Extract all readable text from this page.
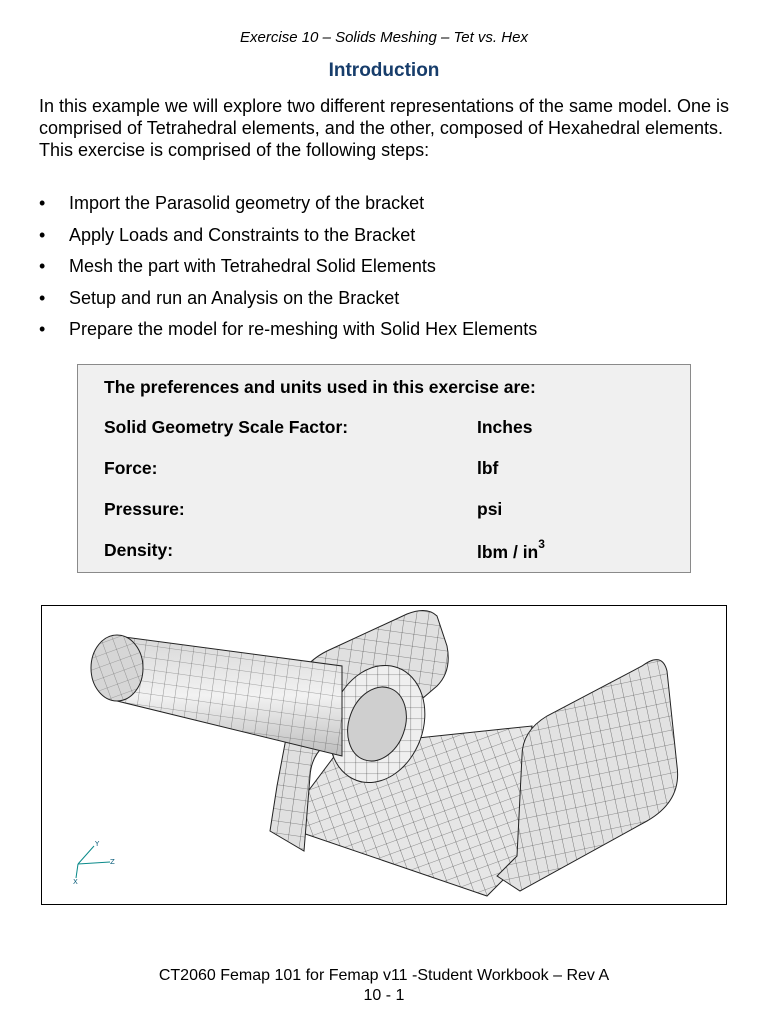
Exercise 10 – Solids Meshing – Tet vs. Hex
Introduction

In this example we will explore two different representations of the same model. One is comprised of Tetrahedral elements, and the other, composed of Hexahedral elements. This exercise is comprised of the following steps:

• Import the Parasolid geometry of the bracket
• Apply Loads and Constraints to the Bracket
• Mesh the part with Tetrahedral Solid Elements
• Setup and run an Analysis on the Bracket
• Prepare the model for re-meshing with Solid Hex Elements
The preferences and units used in this exercise are:
Solid Geometry Scale Factor:	Inches
Force:	lbf
Pressure:	psi
Density:	lbm / $in^3$
Y
Z
X
CT2060 Femap 101 for Femap v11 -Student Workbook – Rev A
10 - 1
